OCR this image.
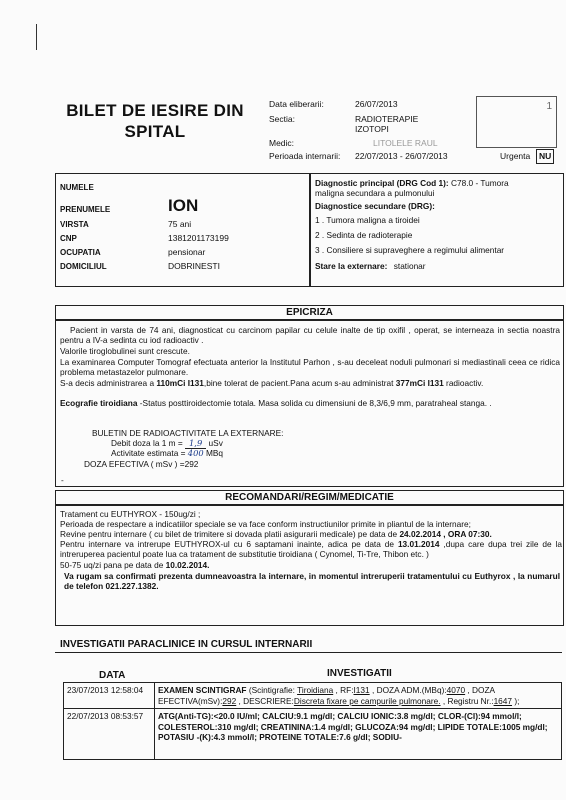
BILET DE IESIRE DIN
SPITAL
Data eliberarii:	26/07/2013
Sectia:	RADIOTERAPIE
IZOTOPI
Medic:	LITOLELE RAUL
Perioada internarii: 22/07/2013 - 26/07/2013
1
Urgenta	NU
NUMELE
PRENUMELE	ION
VIRSTA	75 ani
CNP	1381201173199
OCUPATIA	pensionar
DOMICILIUL	DOBRINESTI
Diagnostic principal (DRG Cod 1): C78.0 - Tumora
maligna secundara a pulmonului
Diagnostice secundare (DRG):
1 . Tumora maligna a tiroidei
2 . Sedinta de radioterapie
3 . Consiliere si supraveghere a regimului alimentar
Stare la externare: stationar
EPICRIZA
Pacient in varsta de 74 ani, diagnosticat cu carcinom papilar cu celule inalte de tip oxifil , operat, se interneaza in sectia noastra pentru a IV-a sedinta cu iod radioactiv .
Valorile tiroglobulinei sunt crescute.
La examinarea Computer Tomograf efectuata anterior la Institutul Parhon , s-au deceleat noduli pulmonari si mediastinali ceea ce ridica problema metastazelor pulmonare.
S-a decis administrarea a 110mCi I131,bine tolerat de pacient.Pana acum s-au administrat 377mCi I131 radioactiv.
Ecografie tiroidiana -Status posttiroidectomie totala. Masa solida cu dimensiuni de 8,3/6,9 mm, paratraheal stanga. .
BULETIN DE RADIOACTIVITATE LA EXTERNARE:
Debit doza la 1 m = 1,9 uSv
Activitate estimata = 400 MBq
DOZA EFECTIVA ( mSv ) =292
-
RECOMANDARI/REGIM/MEDICATIE
Tratament cu EUTHYROX - 150ug/zi ;
Perioada de respectare a indicatiilor speciale se va face conform instructiunilor primite in pliantul de la internare;
Revine pentru internare ( cu bilet de trimitere si dovada platii asigurarii medicale) pe data de 24.02.2014 , ORA 07:30.
Pentru internare va intrerupe EUTHYROX-ul cu 6 saptamani inainte, adica pe data de 13.01.2014 ,dupa care dupa trei zile de la intreruperea pacientul poate lua ca tratament de substitutie tiroidiana ( Cynomel, Ti-Tre, Thibon etc. )
50-75 uq/zi pana pe data de 10.02.2014.
Va rugam sa confirmati prezenta dumneavoastra la internare, in momentul intreruperii tratamentului cu Euthyrox , la numarul de telefon 021.227.1382.
INVESTIGATII PARACLINICE IN CURSUL INTERNARII
DATA	INVESTIGATII
23/07/2013 12:58:04	EXAMEN SCINTIGRAF (Scintigrafie: Tiroidiana , RF:I131 , DOZA ADM.(MBq):4070 , DOZA EFECTIVA(mSv):292 , DESCRIERE:Discreta fixare pe campurile pulmonare. , Registru Nr.:1647 );
22/07/2013 08:53:57	ATG(Anti-TG):<20.0 IU/ml; CALCIU:9.1 mg/dl; CALCIU IONIC:3.8 mg/dl; CLOR-(Cl):94 mmol/l; COLESTEROL:310 mg/dl; CREATININA:1.4 mg/dl; GLUCOZA:94 mg/dl; LIPIDE TOTALE:1005 mg/dl; POTASIU -(K):4.3 mmol/l; PROTEINE TOTALE:7.6 g/dl; SODIU-
